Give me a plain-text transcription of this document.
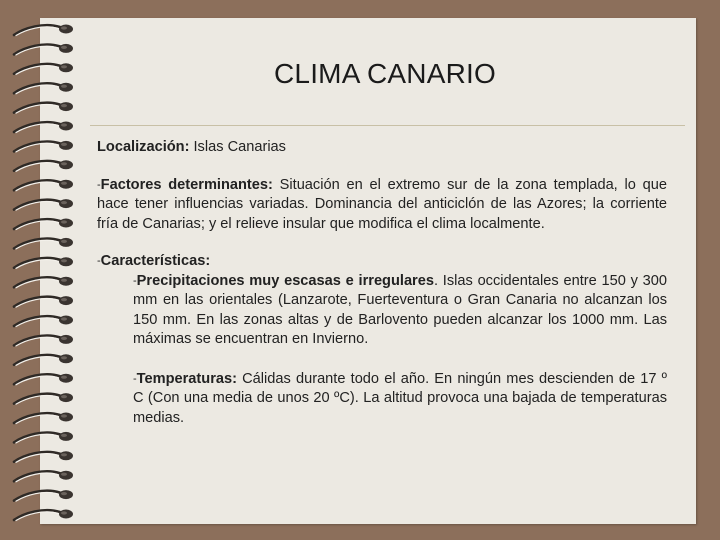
CLIMA CANARIO

Localización: Islas Canarias

-Factores determinantes: Situación en el extremo sur de la zona templada, lo que hace tener influencias variadas. Dominancia del anticiclón de las Azores; la corriente fría de Canarias; y el relieve insular que modifica el clima localmente.

-Características:

-Precipitaciones muy escasas e irregulares. Islas occidentales entre 150 y 300 mm en las orientales (Lanzarote, Fuerteventura o Gran Canaria no alcanzan los 150 mm. En las zonas altas y de Barlovento pueden alcanzar los 1000 mm. Las máximas se encuentran en Invierno.

-Temperaturas: Cálidas durante todo el año. En ningún mes descienden de 17 º C (Con una media de unos 20 ºC). La altitud provoca una bajada de temperaturas medias.
